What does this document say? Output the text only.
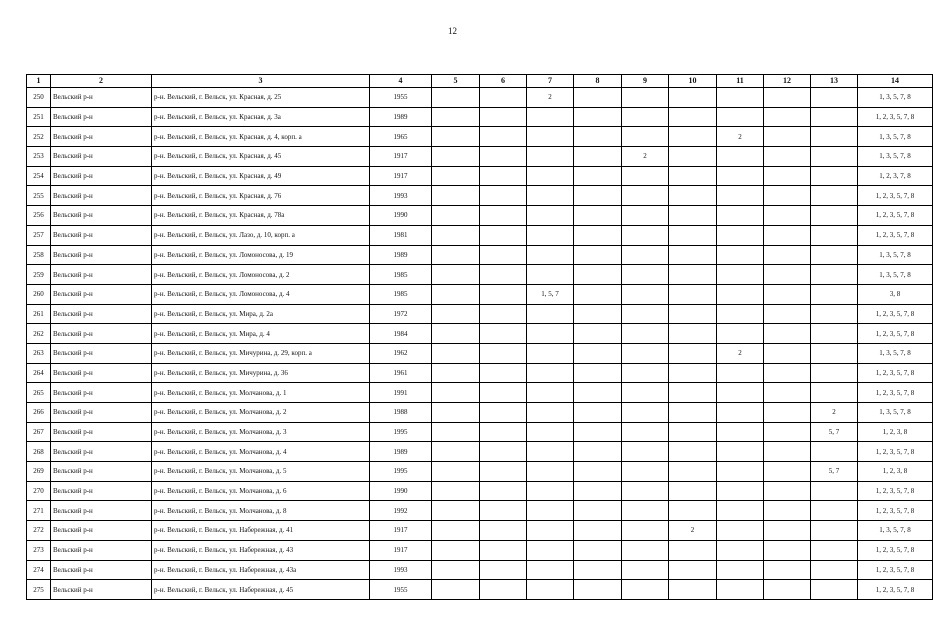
12
1	2	3	4	5	6	7	8	9	10	11	12	13	14
250	Вельский р-н	р-н. Вельский, г. Вельск, ул. Красная, д. 25	1955			2							1, 3, 5, 7, 8
251	Вельский р-н	р-н. Вельский, г. Вельск, ул. Красная, д. 3а	1989										1, 2, 3, 5, 7, 8
252	Вельский р-н	р-н. Вельский, г. Вельск, ул. Красная, д. 4, корп. а	1965							2			1, 3, 5, 7, 8
253	Вельский р-н	р-н. Вельский, г. Вельск, ул. Красная, д. 45	1917					2					1, 3, 5, 7, 8
254	Вельский р-н	р-н. Вельский, г. Вельск, ул. Красная, д. 49	1917										1, 2, 3, 7, 8
255	Вельский р-н	р-н. Вельский, г. Вельск, ул. Красная, д. 76	1993										1, 2, 3, 5, 7, 8
256	Вельский р-н	р-н. Вельский, г. Вельск, ул. Красная, д. 78а	1990										1, 2, 3, 5, 7, 8
257	Вельский р-н	р-н. Вельский, г. Вельск, ул. Лазо, д. 10, корп. а	1981										1, 2, 3, 5, 7, 8
258	Вельский р-н	р-н. Вельский, г. Вельск, ул. Ломоносова, д. 19	1989										1, 3, 5, 7, 8
259	Вельский р-н	р-н. Вельский, г. Вельск, ул. Ломоносова, д. 2	1985										1, 3, 5, 7, 8
260	Вельский р-н	р-н. Вельский, г. Вельск, ул. Ломоносова, д. 4	1985			1, 5, 7							3, 8
261	Вельский р-н	р-н. Вельский, г. Вельск, ул. Мира, д. 2а	1972										1, 2, 3, 5, 7, 8
262	Вельский р-н	р-н. Вельский, г. Вельск, ул. Мира, д. 4	1984										1, 2, 3, 5, 7, 8
263	Вельский р-н	р-н. Вельский, г. Вельск, ул. Мичурина, д. 29, корп. а	1962							2			1, 3, 5, 7, 8
264	Вельский р-н	р-н. Вельский, г. Вельск, ул. Мичурина, д. 36	1961										1, 2, 3, 5, 7, 8
265	Вельский р-н	р-н. Вельский, г. Вельск, ул. Молчанова, д. 1	1991										1, 2, 3, 5, 7, 8
266	Вельский р-н	р-н. Вельский, г. Вельск, ул. Молчанова, д. 2	1988									2	1, 3, 5, 7, 8
267	Вельский р-н	р-н. Вельский, г. Вельск, ул. Молчанова, д. 3	1995									5, 7	1, 2, 3, 8
268	Вельский р-н	р-н. Вельский, г. Вельск, ул. Молчанова, д. 4	1989										1, 2, 3, 5, 7, 8
269	Вельский р-н	р-н. Вельский, г. Вельск, ул. Молчанова, д. 5	1995									5, 7	1, 2, 3, 8
270	Вельский р-н	р-н. Вельский, г. Вельск, ул. Молчанова, д. 6	1990										1, 2, 3, 5, 7, 8
271	Вельский р-н	р-н. Вельский, г. Вельск, ул. Молчанова, д. 8	1992										1, 2, 3, 5, 7, 8
272	Вельский р-н	р-н. Вельский, г. Вельск, ул. Набережная, д. 41	1917						2				1, 3, 5, 7, 8
273	Вельский р-н	р-н. Вельский, г. Вельск, ул. Набережная, д. 43	1917										1, 2, 3, 5, 7, 8
274	Вельский р-н	р-н. Вельский, г. Вельск, ул. Набережная, д. 43а	1993										1, 2, 3, 5, 7, 8
275	Вельский р-н	р-н. Вельский, г. Вельск, ул. Набережная, д. 45	1955										1, 2, 3, 5, 7, 8
